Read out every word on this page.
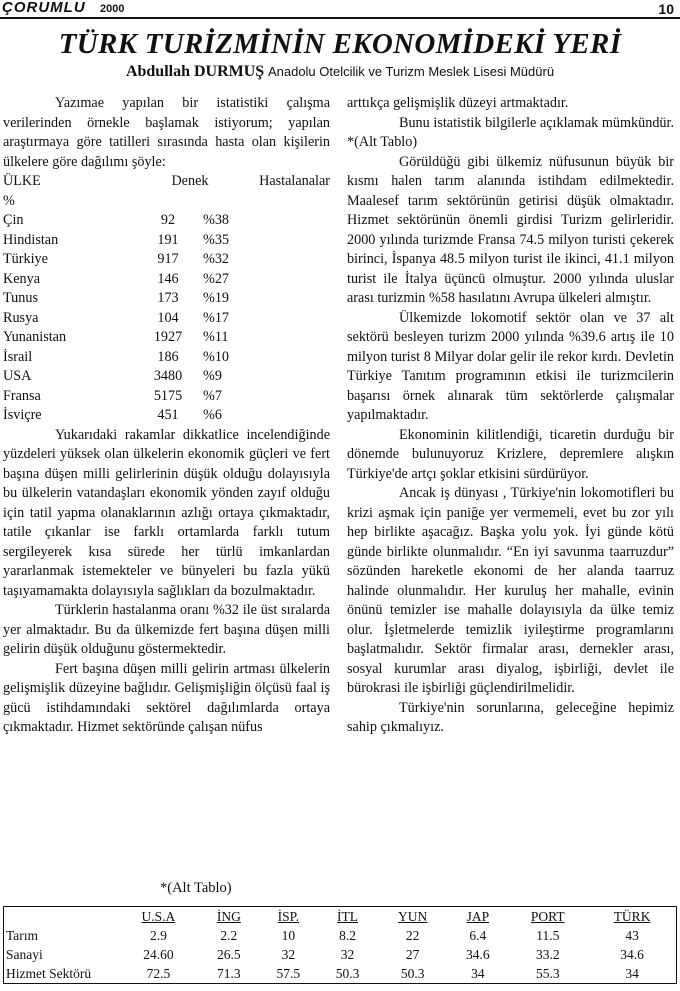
ÇORUMLU 2000	10
TÜRK TURİZMİNİN EKONOMİDEKİ YERİ
Abdullah DURMUŞ Anadolu Otelcilik ve Turizm Meslek Lisesi Müdürü

Yazımae yapılan bir istatistiki çalışma verilerinden örnekle başlamak istiyorum; yapılan araştırmaya göre tatilleri sırasında hasta olan kişilerin ülkelere göre dağılımı şöyle:

ÜLKE	Denek	Hastalanalar
%
Çin	92	%38
Hindistan	191	%35
Türkiye	917	%32
Kenya	146	%27
Tunus	173	%19
Rusya	104	%17
Yunanistan	1927	%11
İsrail	186	%10
USA	3480	%9
Fransa	5175	%7
İsviçre	451	%6

Yukarıdaki rakamlar dikkatlice incelendiğinde yüzdeleri yüksek olan ülkelerin ekonomik güçleri ve fert başına düşen milli gelirlerinin düşük olduğu dolayısıyla bu ülkelerin vatandaşları ekonomik yönden zayıf olduğu için tatil yapma olanaklarının azlığı ortaya çıkmaktadır, tatile çıkanlar ise farklı ortamlarda farklı tutum sergileyerek kısa sürede her türlü imkanlardan yararlanmak istemekteler ve bünyeleri bu fazla yükü taşıyamamakta dolayısıyla sağlıkları da bozulmaktadır.

Türklerin hastalanma oranı %32 ile üst sıralarda yer almaktadır. Bu da ülkemizde fert başına düşen milli gelirin düşük olduğunu göstermektedir.

Fert başına düşen milli gelirin artması ülkelerin gelişmişlik düzeyine bağlıdır. Gelişmişliğin ölçüsü faal iş gücü istihdamındaki sektörel dağılımlarda ortaya çıkmaktadır. Hizmet sektöründe çalışan nüfus

arttıkça gelişmişlik düzeyi artmaktadır.

Bunu istatistik bilgilerle açıklamak mümkündür. *(Alt Tablo)

Görüldüğü gibi ülkemiz nüfusunun büyük bir kısmı halen tarım alanında istihdam edilmektedir. Maalesef tarım sektörünün getirisi düşük olmaktadır. Hizmet sektörünün önemli girdisi Turizm gelirleridir. 2000 yılında turizmde Fransa 74.5 milyon turisti çekerek birinci, İspanya 48.5 milyon turist ile ikinci, 41.1 milyon turist ile İtalya üçüncü olmuştur. 2000 yılında uluslar arası turizmin %58 hasılatını Avrupa ülkeleri almıştır.

Ülkemizde lokomotif sektör olan ve 37 alt sektörü besleyen turizm 2000 yılında %39.6 artış ile 10 milyon turist 8 Milyar dolar gelir ile rekor kırdı. Devletin Türkiye Tanıtım programının etkisi ile turizmcilerin başarısı örnek alınarak tüm sektörlerde çalışmalar yapılmaktadır.

Ekonominin kilitlendiği, ticaretin durduğu bir dönemde bulunuyoruz Krizlere, depremlere alışkın Türkiye'de artçı şoklar etkisini sürdürüyor.

Ancak iş dünyası , Türkiye'nin lokomotifleri bu krizi aşmak için paniğe yer vermemeli, evet bu zor yılı hep birlikte aşacağız. Başka yolu yok. İyi günde kötü günde birlikte olunmalıdır. “En iyi savunma taarruzdur” sözünden hareketle ekonomi de her alanda taarruz halinde olunmalıdır. Her kuruluş her mahalle, evinin önünü temizler ise mahalle dolayısıyla da ülke temiz olur. İşletmelerde temizlik iyileştirme programlarını başlatmalıdır. Sektör firmalar arası, dernekler arası, sosyal kurumlar arası diyalog, işbirliği, devlet ile bürokrasi ile işbirliği güçlendirilmelidir.

Türkiye'nin sorunlarına, geleceğine hepimiz sahip çıkmalıyız.

*(Alt Tablo)
	U.S.A	İNG	İSP.	İTL	YUN	JAP	PORT	TÜRK
Tarım	2.9	2.2	10	8.2	22	6.4	11.5	43
Sanayi	24.60	26.5	32	32	27	34.6	33.2	34.6
Hizmet Sektörü	72.5	71.3	57.5	50.3	50.3	34	55.3	34
